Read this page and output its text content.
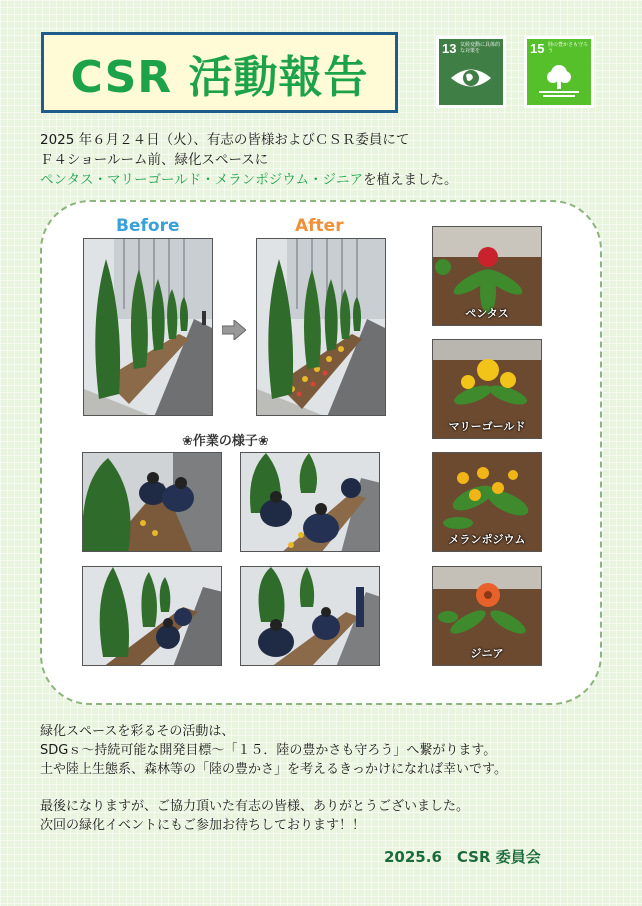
CSR 活動報告
13 気候変動に具体的な対策を	15 陸の豊かさも守ろう
2025 年６月２４日（火）、有志の皆様およびＣＳＲ委員にて
Ｆ４ショールーム前、緑化スペースに
ペンタス・マリーゴールド・メランポジウム・ジニアを植えました。
Before	After
❀作業の様子❀
ペンタス
マリーゴールド
メランポジウム
ジニア

緑化スペースを彩るその活動は、

SDGｓ～持続可能な開発目標～「１５．陸の豊かさも守ろう」へ繋がります。

土や陸上生態系、森林等の「陸の豊かさ」を考えるきっかけになれば幸いです。

最後になりますが、ご協力頂いた有志の皆様、ありがとうございました。

次回の緑化イベントにもご参加お待ちしております！！

2025.6　CSR 委員会
